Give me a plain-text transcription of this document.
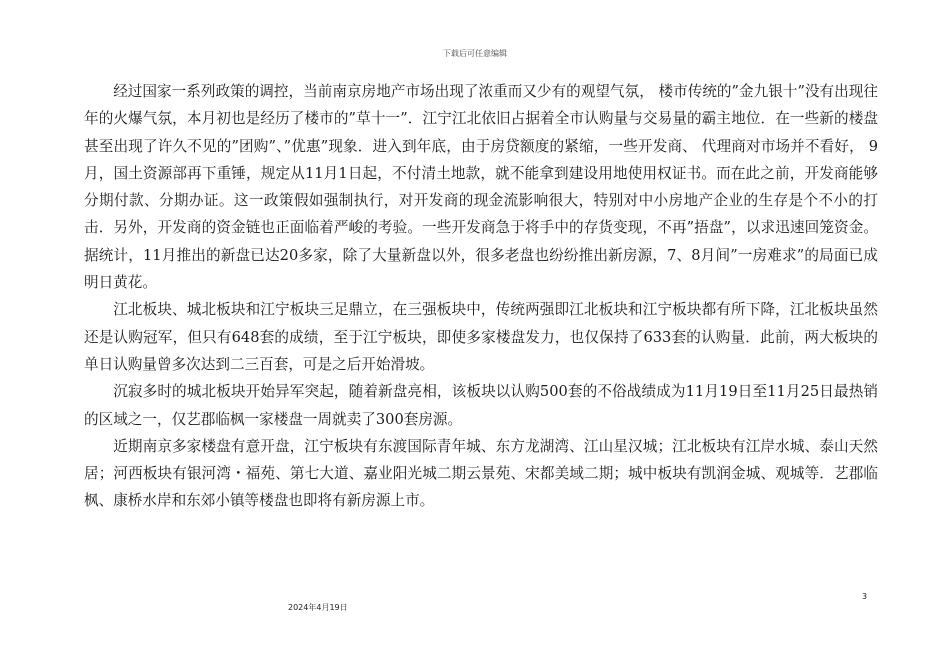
下载后可任意编辑

经过国家一系列政策的调控，当前南京房地产市场出现了浓重而又少有的观望气氛， 楼市传统的”金九银十”没有出现往年的火爆气氛，本月初也是经历了楼市的”草十一”．江宁江北依旧占据着全市认购量与交易量的霸主地位．在一些新的楼盘甚至出现了许久不见的”团购”、”优惠”现象．进入到年底，由于房贷额度的紧缩，一些开发商、 代理商对市场并不看好， 9月，国土资源部再下重锤，规定从11月1日起，不付清土地款，就不能拿到建设用地使用权证书。而在此之前，开发商能够分期付款、分期办证。这一政策假如强制执行，对开发商的现金流影响很大，特别对中小房地产企业的生存是个不小的打击．另外，开发商的资金链也正面临着严峻的考验。一些开发商急于将手中的存货变现，不再”捂盘”，以求迅速回笼资金。据统计，11月推出的新盘已达20多家，除了大量新盘以外，很多老盘也纷纷推出新房源，7、8月间”一房难求”的局面已成明日黄花。

江北板块、城北板块和江宁板块三足鼎立，在三强板块中，传统两强即江北板块和江宁板块都有所下降，江北板块虽然还是认购冠军，但只有648套的成绩，至于江宁板块，即使多家楼盘发力，也仅保持了633套的认购量．此前，两大板块的单日认购量曾多次达到二三百套，可是之后开始滑坡。

沉寂多时的城北板块开始异军突起，随着新盘亮相，该板块以认购500套的不俗战绩成为11月19日至11月25日最热销的区域之一，仅艺郡临枫一家楼盘一周就卖了300套房源。

近期南京多家楼盘有意开盘，江宁板块有东渡国际青年城、东方龙湖湾、江山星汉城；江北板块有江岸水城、泰山天然居；河西板块有银河湾・福苑、第七大道、嘉业阳光城二期云景苑、宋都美域二期；城中板块有凯润金城、观城等．艺郡临枫、康桥水岸和东郊小镇等楼盘也即将有新房源上市。

2024年4月19日
3
